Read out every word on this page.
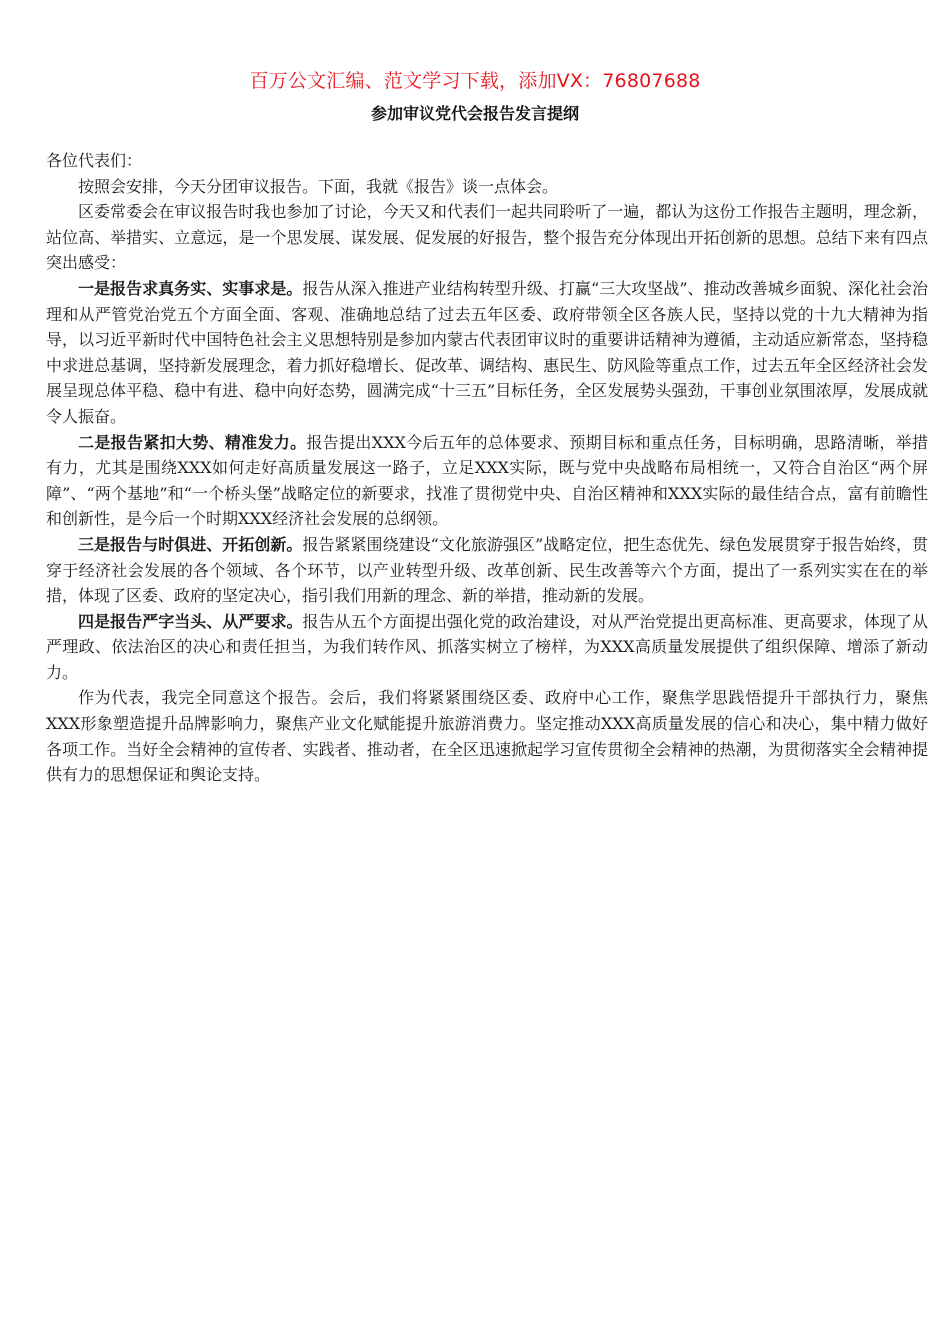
百万公文汇编、范文学习下载，添加VX：76807688
参加审议党代会报告发言提纲

各位代表们：

按照会安排，今天分团审议报告。下面，我就《报告》谈一点体会。

区委常委会在审议报告时我也参加了讨论，今天又和代表们一起共同聆听了一遍，都认为这份工作报告主题明，理念新，站位高、举措实、立意远，是一个思发展、谋发展、促发展的好报告，整个报告充分体现出开拓创新的思想。总结下来有四点突出感受：

一是报告求真务实、实事求是。报告从深入推进产业结构转型升级、打赢“三大攻坚战”、推动改善城乡面貌、深化社会治理和从严管党治党五个方面全面、客观、准确地总结了过去五年区委、政府带领全区各族人民，坚持以党的十九大精神为指导，以习近平新时代中国特色社会主义思想特别是参加内蒙古代表团审议时的重要讲话精神为遵循，主动适应新常态，坚持稳中求进总基调，坚持新发展理念，着力抓好稳增长、促改革、调结构、惠民生、防风险等重点工作，过去五年全区经济社会发展呈现总体平稳、稳中有进、稳中向好态势，圆满完成“十三五”目标任务，全区发展势头强劲，干事创业氛围浓厚，发展成就令人振奋。

二是报告紧扣大势、精准发力。报告提出XXX今后五年的总体要求、预期目标和重点任务，目标明确，思路清晰，举措有力，尤其是围绕XXX如何走好高质量发展这一路子，立足XXX实际，既与党中央战略布局相统一，又符合自治区“两个屏障”、“两个基地”和“一个桥头堡”战略定位的新要求，找准了贯彻党中央、自治区精神和XXX实际的最佳结合点，富有前瞻性和创新性，是今后一个时期XXX经济社会发展的总纲领。

三是报告与时俱进、开拓创新。报告紧紧围绕建设“文化旅游强区”战略定位，把生态优先、绿色发展贯穿于报告始终，贯穿于经济社会发展的各个领域、各个环节，以产业转型升级、改革创新、民生改善等六个方面，提出了一系列实实在在的举措，体现了区委、政府的坚定决心，指引我们用新的理念、新的举措，推动新的发展。

四是报告严字当头、从严要求。报告从五个方面提出强化党的政治建设，对从严治党提出更高标准、更高要求，体现了从严理政、依法治区的决心和责任担当，为我们转作风、抓落实树立了榜样，为XXX高质量发展提供了组织保障、增添了新动力。

作为代表，我完全同意这个报告。会后，我们将紧紧围绕区委、政府中心工作，聚焦学思践悟提升干部执行力，聚焦XXX形象塑造提升品牌影响力，聚焦产业文化赋能提升旅游消费力。坚定推动XXX高质量发展的信心和决心，集中精力做好各项工作。当好全会精神的宣传者、实践者、推动者，在全区迅速掀起学习宣传贯彻全会精神的热潮，为贯彻落实全会精神提供有力的思想保证和舆论支持。
